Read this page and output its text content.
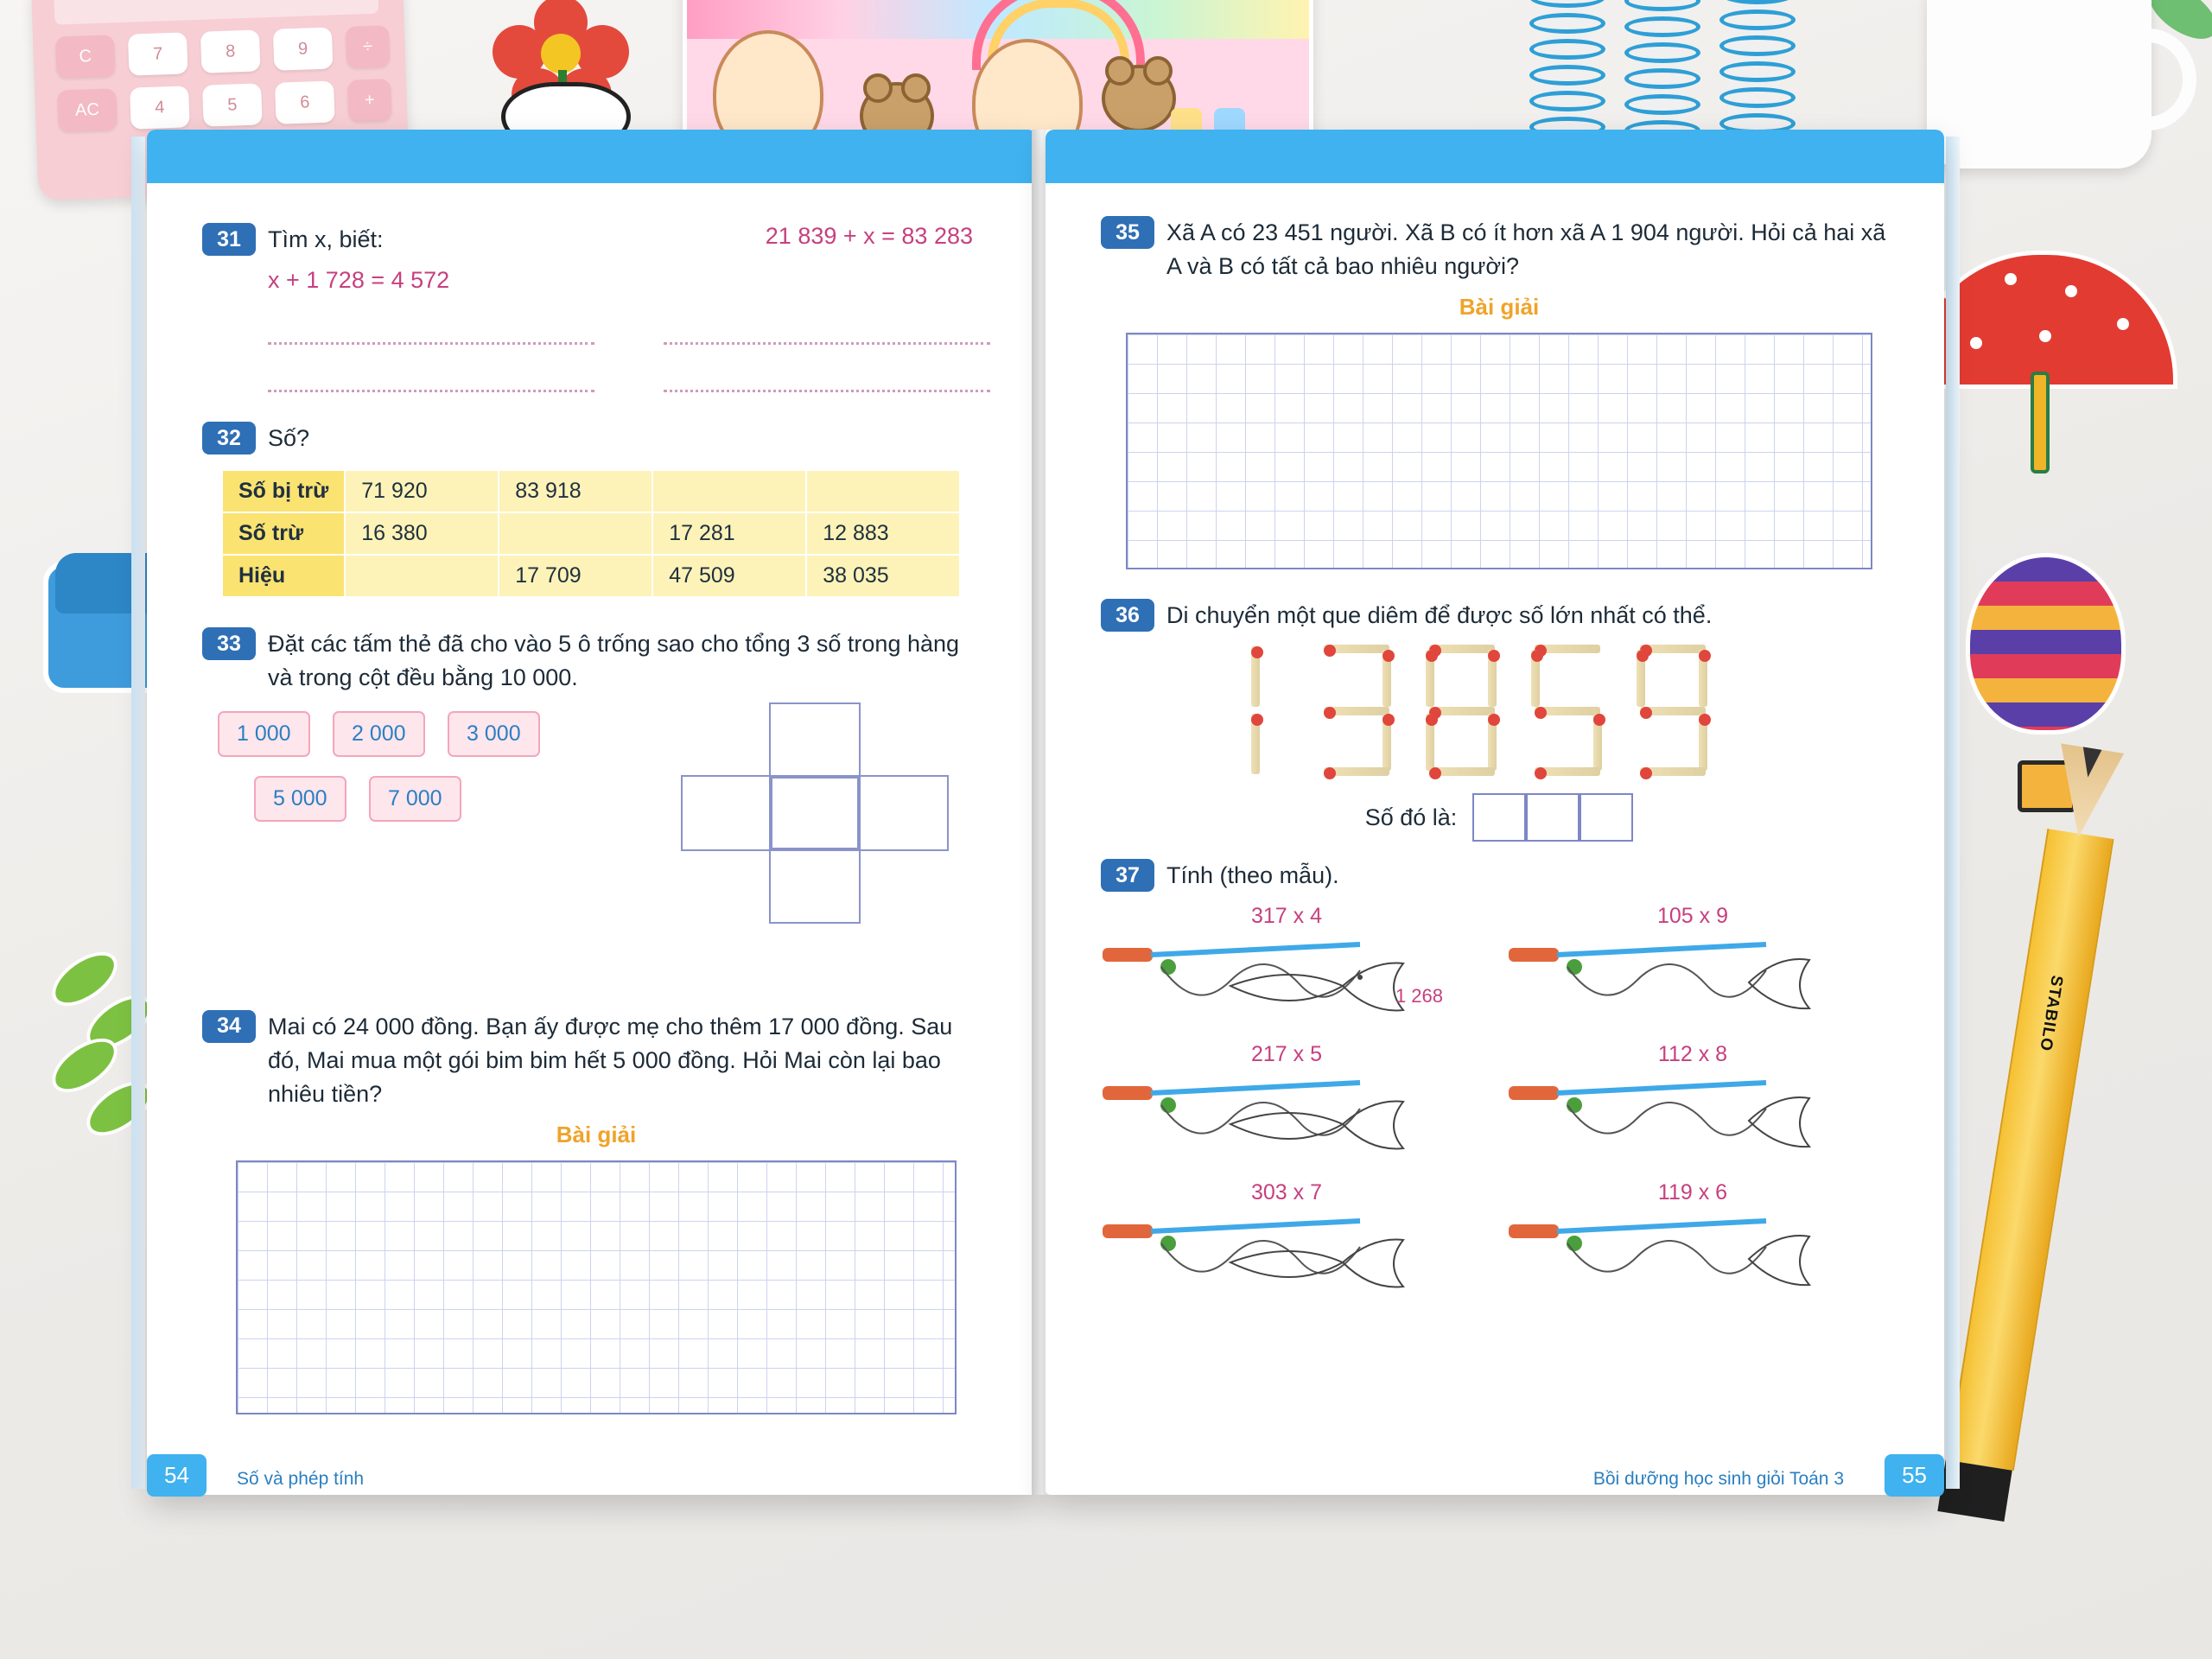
C	7	8	9	÷
AC	4	5	6	+
STABILO
31	Tìm x, biết:	21 839 + x = 83 283
x + 1 728 = 4 572
32	Số?
Số bị trừ	71 920	83 918		
Số trừ	16 380		17 281	12 883
Hiệu		17 709	47 509	38 035
33	Đặt các tấm thẻ đã cho vào 5 ô trống sao cho tổng 3 số trong hàng và trong cột đều bằng 10 000.
1 000	2 000	3 000
5 000	7 000
34	Mai có 24 000 đồng. Bạn ấy được mẹ cho thêm 17 000 đồng. Sau đó, Mai mua một gói bim bim hết 5 000 đồng. Hỏi Mai còn lại bao nhiêu tiền?
Bài giải
54	Số và phép tính
35	Xã A có 23 451 người. Xã B có ít hơn xã A 1 904 người. Hỏi cả hai xã A và B có tất cả bao nhiêu người?
Bài giải
36	Di chuyển một que diêm để được số lớn nhất có thể.
Số đó là:
37	Tính (theo mẫu).
317 x 4
1 268
105 x 9
217 x 5	112 x 8
303 x 7	119 x 6
55
Bồi dưỡng học sinh giỏi Toán 3
